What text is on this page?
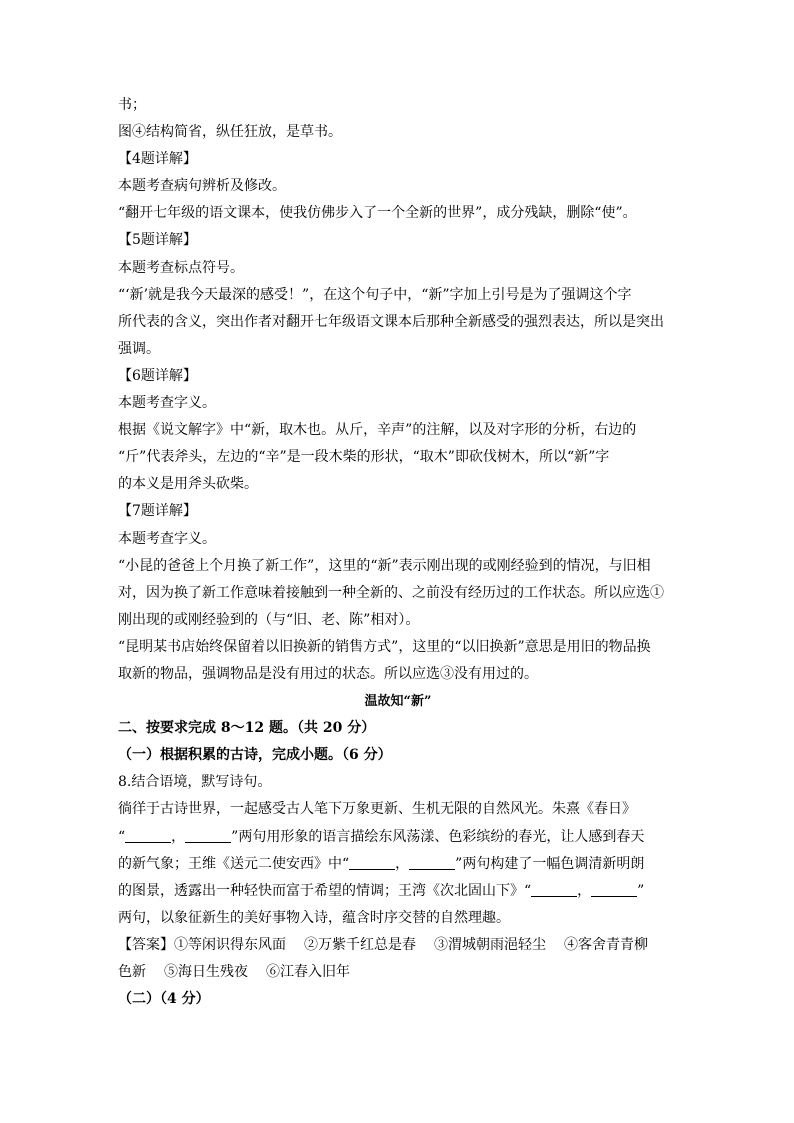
书；
图④结构简省，纵任狂放，是草书。
【4题详解】
本题考查病句辨析及修改。
“翻开七年级的语文课本，使我仿佛步入了一个全新的世界”，成分残缺，删除“使”。
【5题详解】
本题考查标点符号。
“‘新’就是我今天最深的感受！”，在这个句子中，“新”字加上引号是为了强调这个字
所代表的含义，突出作者对翻开七年级语文课本后那种全新感受的强烈表达，所以是突出
强调。
【6题详解】
本题考查字义。
根据《说文解字》中“新，取木也。从斤，辛声”的注解，以及对字形的分析，右边的
“斤”代表斧头，左边的“辛”是一段木柴的形状，“取木”即砍伐树木，所以“新”字
的本义是用斧头砍柴。
【7题详解】
本题考查字义。
“小昆的爸爸上个月换了新工作”，这里的“新”表示刚出现的或刚经验到的情况，与旧相
对，因为换了新工作意味着接触到一种全新的、之前没有经历过的工作状态。所以应选①
刚出现的或刚经验到的（与“旧、老、陈”相对）。
“昆明某书店始终保留着以旧换新的销售方式”，这里的“以旧换新”意思是用旧的物品换
取新的物品，强调物品是没有用过的状态。所以应选③没有用过的。
温故知“新”
二、按要求完成 8～12 题。（共 20 分）
（一）根据积累的古诗，完成小题。（6 分）
8.结合语境，默写诗句。
徜徉于古诗世界，一起感受古人笔下万象更新、生机无限的自然风光。朱熹《春日》
“	，	”两句用形象的语言描绘东风荡漾、色彩缤纷的春光，让人感到春天
的新气象；王维《送元二使安西》中“	，	”两句构建了一幅色调清新明朗
的图景，透露出一种轻快而富于希望的情调；王湾《次北固山下》“	，	”
两句，以象征新生的美好事物入诗，蕴含时序交替的自然理趣。
【答案】 ①等闲识得东风面 ②万紫千红总是春 ③渭城朝雨浥轻尘 ④客舍青青柳
色新 ⑤海日生残夜 ⑥江春入旧年
（二）（4 分）
